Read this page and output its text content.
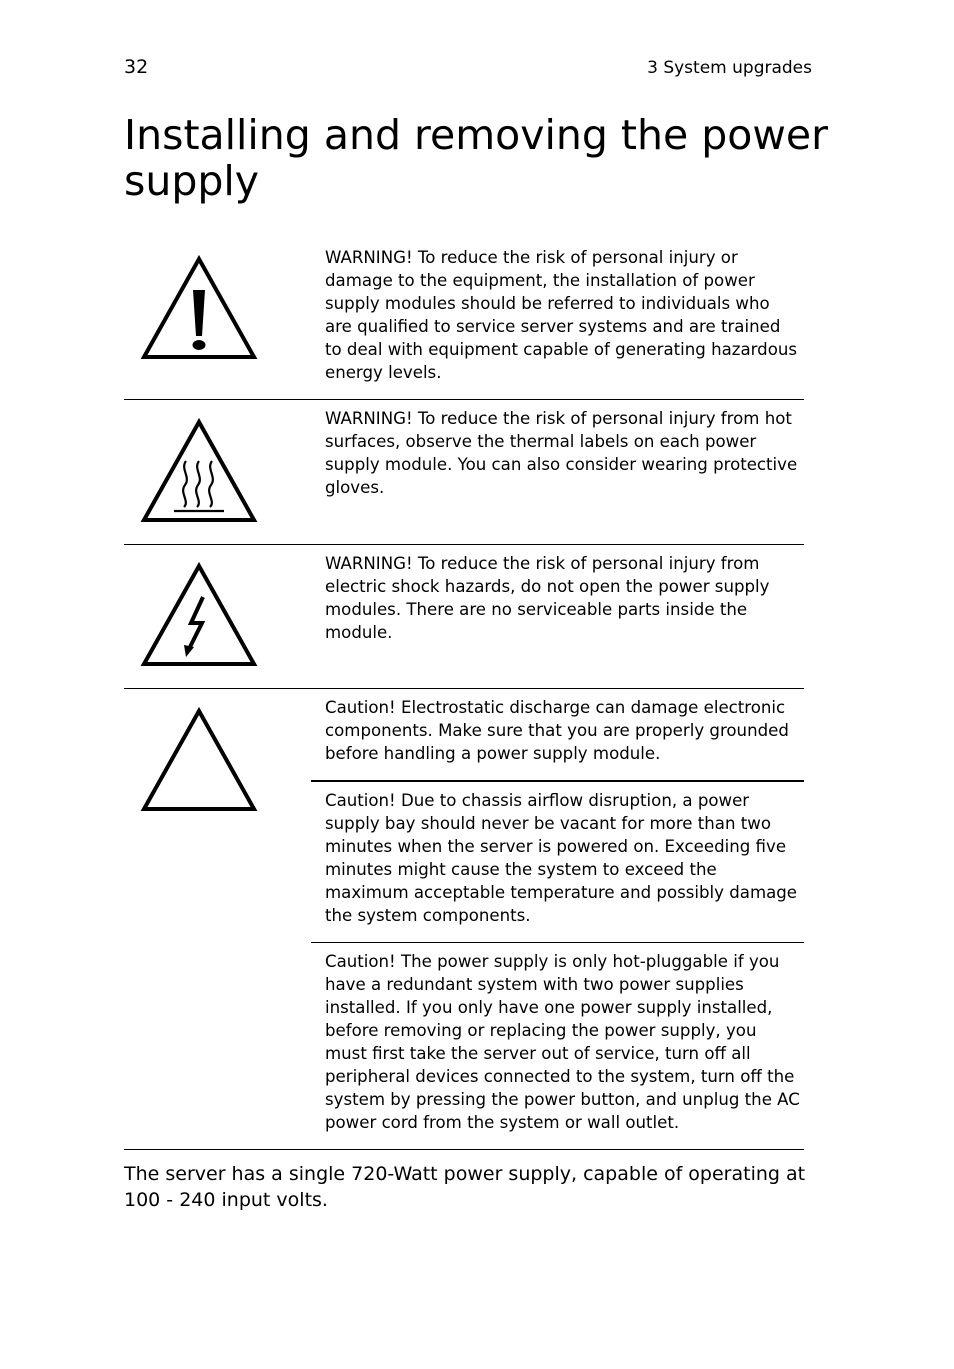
32	3 System upgrades
Installing and removing the power supply
WARNING! To reduce the risk of personal injury or damage to the equipment, the installation of power supply modules should be referred to individuals who are qualified to service server systems and are trained to deal with equipment capable of generating hazardous energy levels.
WARNING! To reduce the risk of personal injury from hot surfaces, observe the thermal labels on each power supply module. You can also consider wearing protective gloves.
WARNING! To reduce the risk of personal injury from electric shock hazards, do not open the power supply modules. There are no serviceable parts inside the module.
Caution! Electrostatic discharge can damage electronic components. Make sure that you are properly grounded before handling a power supply module.
Caution! Due to chassis airflow disruption, a power supply bay should never be vacant for more than two minutes when the server is powered on. Exceeding five minutes might cause the system to exceed the maximum acceptable temperature and possibly damage the system components.
Caution! The power supply is only hot-pluggable if you have a redundant system with two power supplies installed. If you only have one power supply installed, before removing or replacing the power supply, you must first take the server out of service, turn off all peripheral devices connected to the system, turn off the system by pressing the power button, and unplug the AC power cord from the system or wall outlet.
The server has a single 720-Watt power supply, capable of operating at 100 - 240 input volts.
